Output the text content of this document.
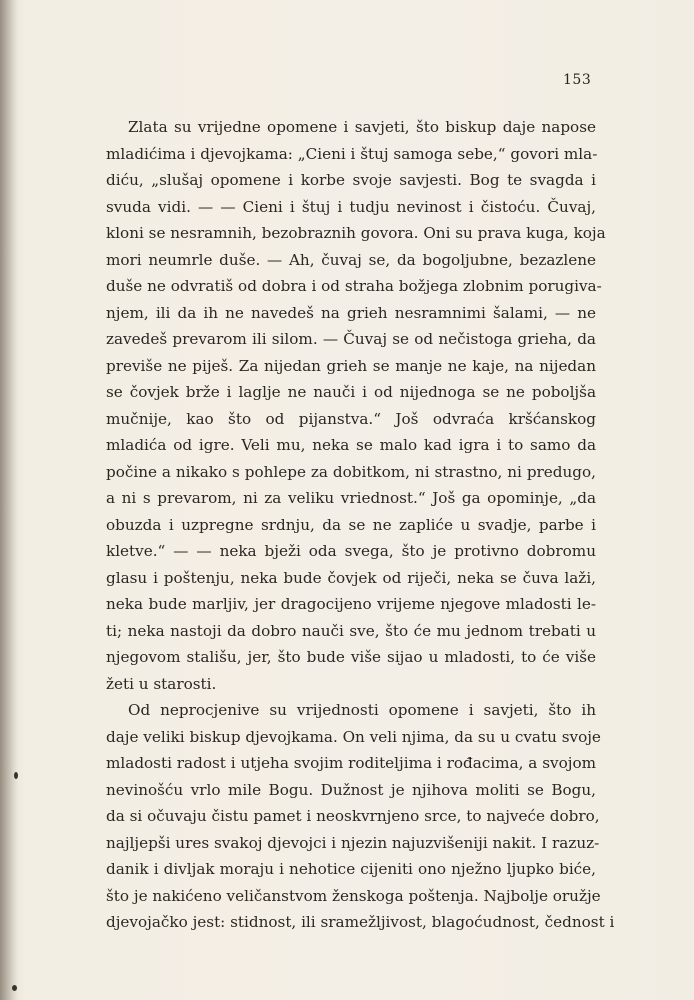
153
Zlata su vrijedne opomene i savjeti, što biskup daje napose
mladićima i djevojkama: „Cieni i štuj samoga sebe,“ govori mla-
diću, „slušaj opomene i korbe svoje savjesti. Bog te svagda i
svuda vidi. — — Cieni i štuj i tudju nevinost i čistoću. Čuvaj,
kloni se nesramnih, bezobraznih govora. Oni su prava kuga, koja
mori neumrle duše. — Ah, čuvaj se, da bogoljubne, bezazlene
duše ne odvratiš od dobra i od straha božjega zlobnim porugiva-
njem, ili da ih ne navedeš na grieh nesramnimi šalami, — ne
zavedeš prevarom ili silom. — Čuvaj se od nečistoga grieha, da
previše ne piješ. Za nijedan grieh se manje ne kaje, na nijedan
se čovjek brže i laglje ne nauči i od nijednoga se ne poboljša
mučnije, kao što od pijanstva.“ Još odvraća kršćanskog
mladića od igre. Veli mu, neka se malo kad igra i to samo da
počine a nikako s pohlepe za dobitkom, ni strastno, ni predugo,
a ni s prevarom, ni za veliku vriednost.“ Još ga opominje, „da
obuzda i uzpregne srdnju, da se ne zapliće u svadje, parbe i
kletve.“ — — neka bježi oda svega, što je protivno dobromu
glasu i poštenju, neka bude čovjek od riječi, neka se čuva laži,
neka bude marljiv, jer dragocijeno vrijeme njegove mladosti le-
ti; neka nastoji da dobro nauči sve, što će mu jednom trebati u
njegovom stališu, jer, što bude više sijao u mladosti, to će više
žeti u starosti.
Od neprocjenive su vrijednosti opomene i savjeti, što ih
daje veliki biskup djevojkama. On veli njima, da su u cvatu svoje
mladosti radost i utjeha svojim roditeljima i rođacima, a svojom
nevinošću vrlo mile Bogu. Dužnost je njihova moliti se Bogu,
da si očuvaju čistu pamet i neoskvrnjeno srce, to najveće dobro,
najljepši ures svakoj djevojci i njezin najuzvišeniji nakit. I razuz-
danik i divljak moraju i nehotice cijeniti ono nježno ljupko biće,
što je nakićeno veličanstvom ženskoga poštenja. Najbolje oružje
djevojačko jest: stidnost, ili sramežljivost, blagoćudnost, čednost i
